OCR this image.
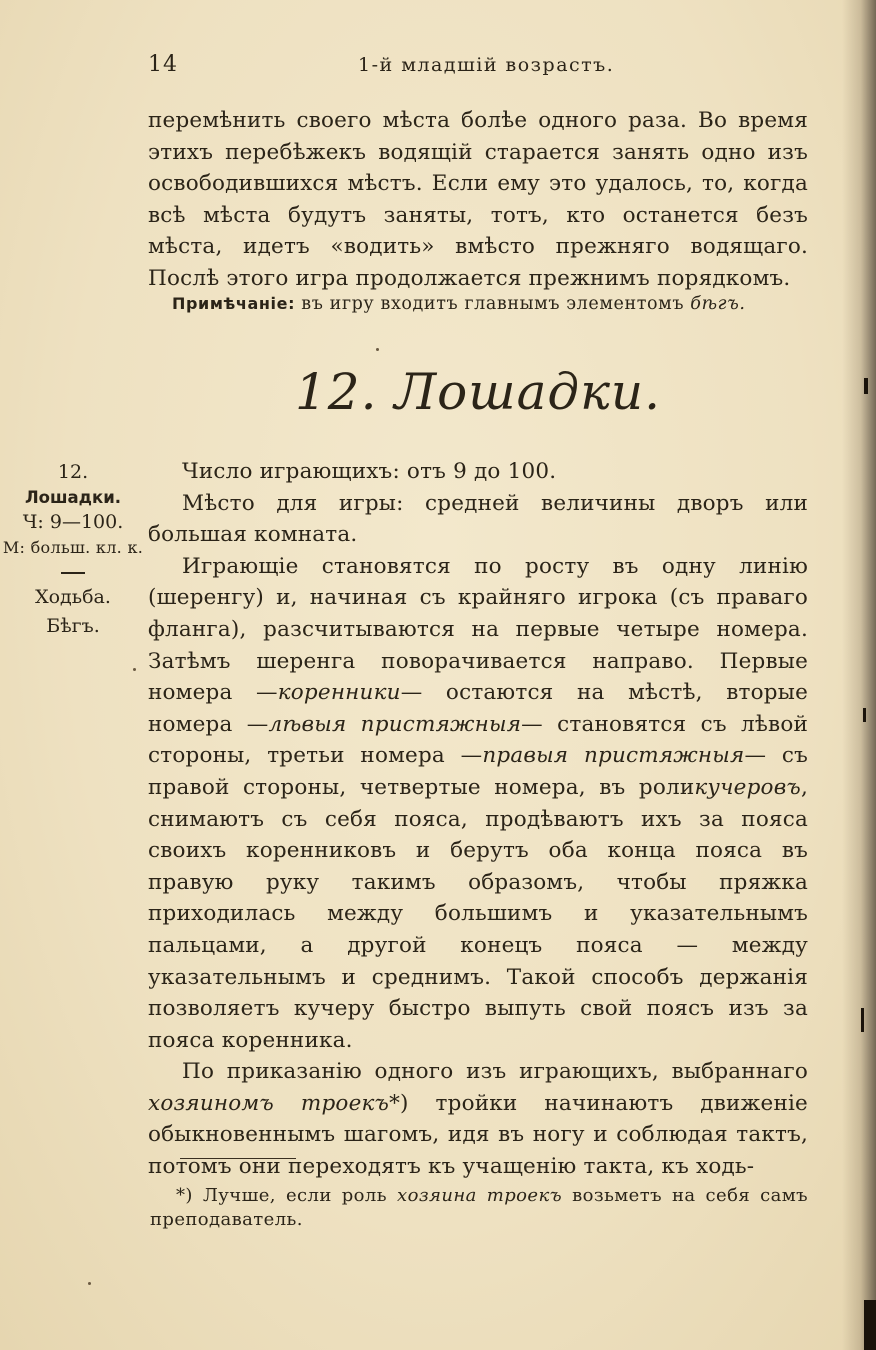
14	1-й младшій возрастъ.

перемѣнить своего мѣста болѣе одного раза. Во время этихъ перебѣжекъ водящій старается занять одно изъ освободившихся мѣстъ. Если ему это удалось, то, когда всѣ мѣста будутъ заняты, тотъ, кто останется безъ мѣста, идетъ «водить» вмѣсто прежняго водящаго. Послѣ этого игра продолжается прежнимъ порядкомъ.

Примѣчаніе: въ игру входитъ главнымъ элементомъ бѣгъ.
12. Лошадки.
12.
Лошадки.
Ч: 9—100.
М: больш. кл. к.
Ходьба.
Бѣгъ.

Число играющихъ: отъ 9 до 100.

Мѣсто для игры: средней величины дворъ или большая комната.

Играющіе становятся по росту въ одну линію (шеренгу) и, начиная съ крайняго игрока (съ праваго фланга), разсчитываются на первые четыре номера. Затѣмъ шеренга поворачивается направо. Первые номера —коренники— остаются на мѣстѣ, вторые номера —лѣвыя пристяжныя— становятся съ лѣвой стороны, третьи номера —правыя пристяжныя— съ правой стороны, четвертые номера, въ роликучеровъ, снимаютъ съ себя пояса, продѣваютъ ихъ за пояса своихъ коренниковъ и берутъ оба конца пояса въ правую руку такимъ образомъ, чтобы пряжка приходилась между большимъ и указательнымъ пальцами, а другой конецъ пояса — между указательнымъ и среднимъ. Такой способъ держанія позволяетъ кучеру быстро выпуть свой поясъ изъ за пояса коренника.

По приказанію одного изъ играющихъ, выбраннаго хозяиномъ троекъ*) тройки начинаютъ движеніе обыкновеннымъ шагомъ, идя въ ногу и соблюдая тактъ, потомъ они переходятъ къ учащенію такта, къ ходь-

*) Лучше, если роль хозяина троекъ возьметъ на себя самъ преподаватель.
